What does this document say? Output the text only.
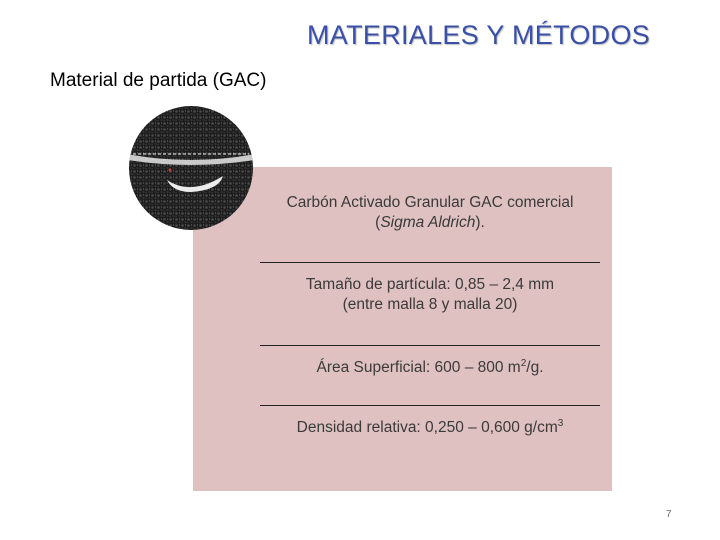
MATERIALES Y MÉTODOS
Material de partida (GAC)
Carbón Activado Granular GAC comercial
(Sigma Aldrich).
Tamaño de partícula: 0,85 – 2,4 mm
(entre malla 8 y malla 20)
Área Superficial: 600 – 800 $m^2/g$.
Densidad relativa: 0,250 – 0,600 $g/cm^3$
7
